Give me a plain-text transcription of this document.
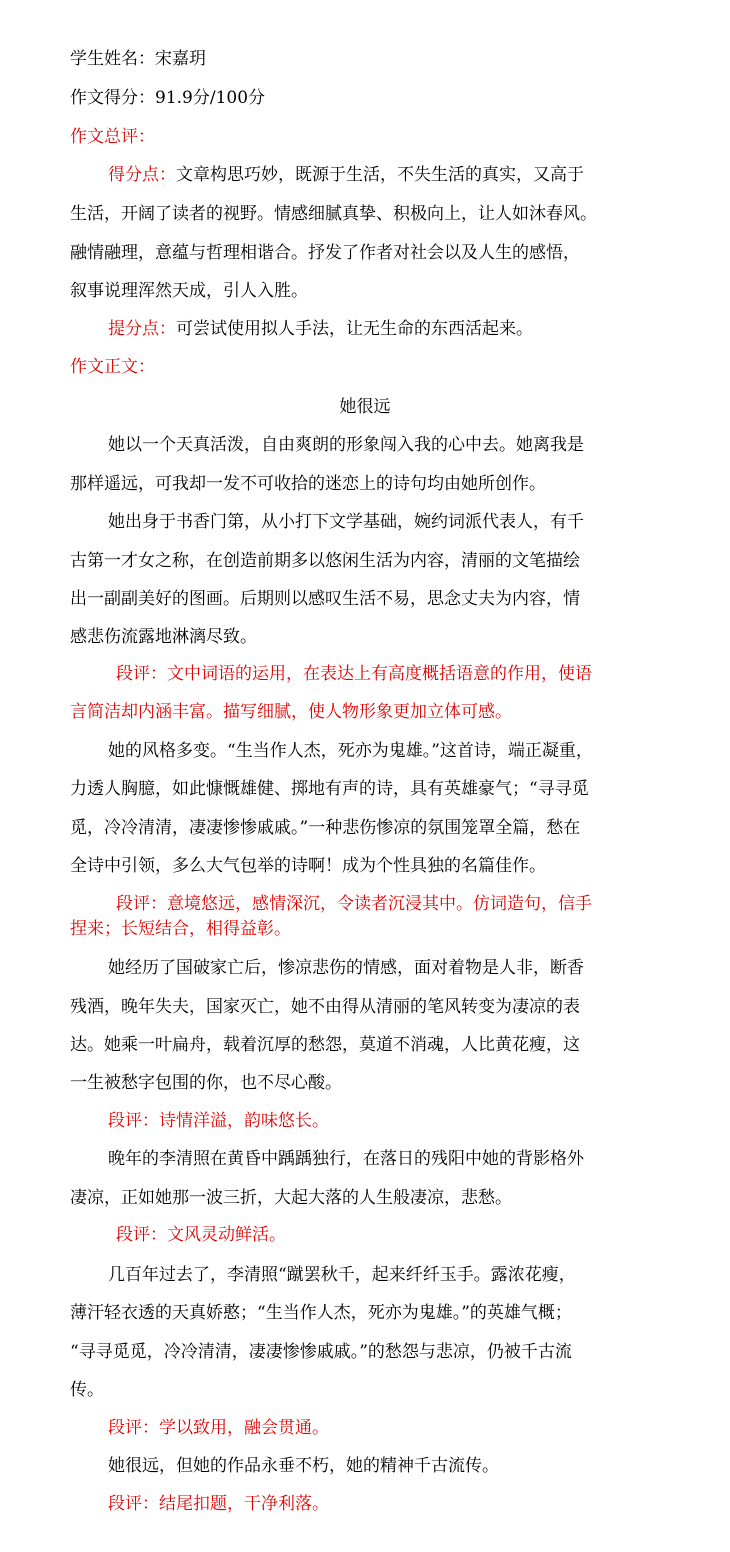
学生姓名：宋嘉玥
作文得分：91.9分/100分
作文总评：
得分点：文章构思巧妙，既源于生活，不失生活的真实，又高于
生活，开阔了读者的视野。情感细腻真挚、积极向上，让人如沐春风。
融情融理，意蕴与哲理相谐合。抒发了作者对社会以及人生的感悟，
叙事说理浑然天成，引人入胜。
提分点：可尝试使用拟人手法，让无生命的东西活起来。
作文正文：
她很远
她以一个天真活泼，自由爽朗的形象闯入我的心中去。她离我是
那样遥远，可我却一发不可收拾的迷恋上的诗句均由她所创作。
她出身于书香门第，从小打下文学基础，婉约词派代表人，有千
古第一才女之称，在创造前期多以悠闲生活为内容，清丽的文笔描绘
出一副副美好的图画。后期则以感叹生活不易，思念丈夫为内容，情
感悲伤流露地淋漓尽致。
段评：文中词语的运用，在表达上有高度概括语意的作用，使语
言简洁却内涵丰富。描写细腻，使人物形象更加立体可感。
她的风格多变。“生当作人杰，死亦为鬼雄。”这首诗，端正凝重，
力透人胸臆，如此慷慨雄健、掷地有声的诗，具有英雄豪气；“寻寻觅
觅，冷冷清清，凄凄惨惨戚戚。”一种悲伤惨凉的氛围笼罩全篇，愁在
全诗中引领，多么大气包举的诗啊！成为个性具独的名篇佳作。
段评：意境悠远，感情深沉，令读者沉浸其中。仿词造句，信手
捏来；长短结合，相得益彰。
她经历了国破家亡后，惨凉悲伤的情感，面对着物是人非，断香
残酒，晚年失夫，国家灭亡，她不由得从清丽的笔风转变为凄凉的表
达。她乘一叶扁舟，载着沉厚的愁怨，莫道不消魂，人比黄花瘦，这
一生被愁字包围的你，也不尽心酸。
段评：诗情洋溢，韵味悠长。
晚年的李清照在黄昏中踽踽独行，在落日的残阳中她的背影格外
凄凉，正如她那一波三折，大起大落的人生般凄凉，悲愁。
段评：文风灵动鲜活。
几百年过去了，李清照“蹴罢秋千，起来纤纤玉手。露浓花瘦，
薄汗轻衣透的天真娇憨；“生当作人杰，死亦为鬼雄。”的英雄气概；
“寻寻觅觅，冷冷清清，凄凄惨惨戚戚。”的愁怨与悲凉，仍被千古流
传。
段评：学以致用，融会贯通。
她很远，但她的作品永垂不朽，她的精神千古流传。
段评：结尾扣题，干净利落。
